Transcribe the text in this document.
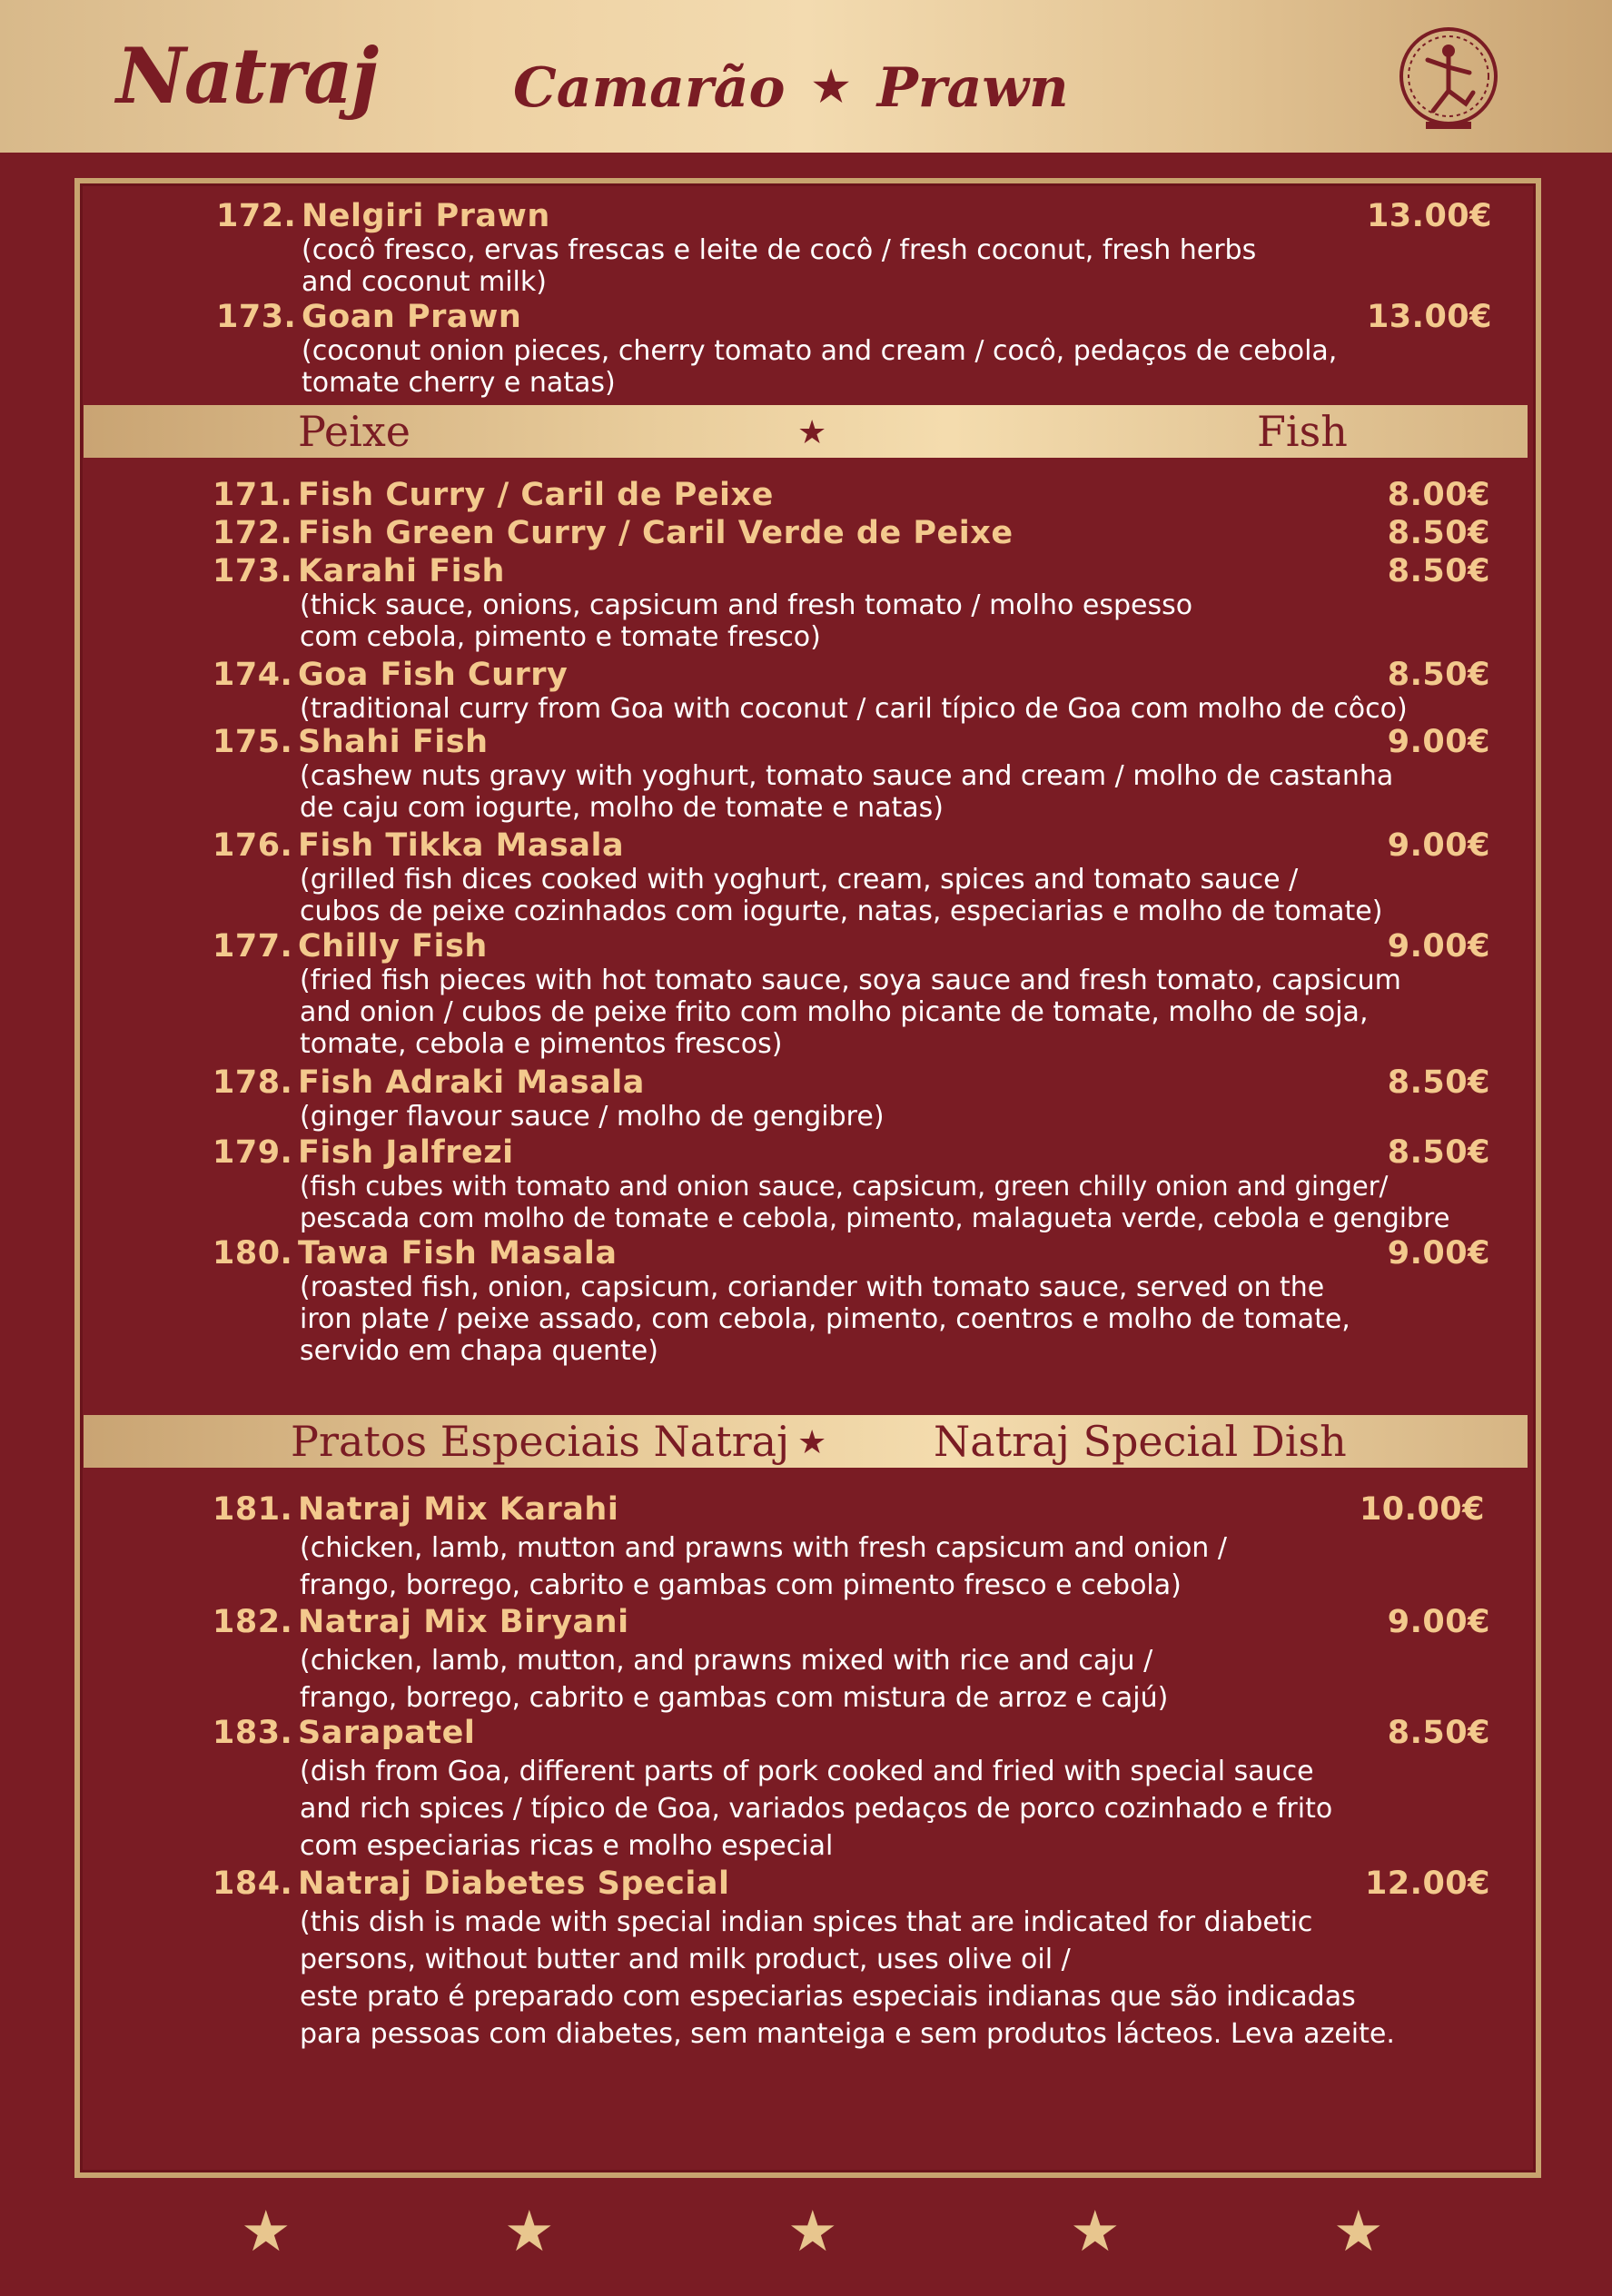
Natraj Camarão ★ Prawn
172. Nelgiri Prawn	13.00€
(cocô fresco, ervas frescas e leite de cocô / fresh coconut, fresh herbs
and coconut milk)
173. Goan Prawn	13.00€
(coconut onion pieces, cherry tomato and cream / cocô, pedaços de cebola,
tomate cherry e natas)
Peixe	★	Fish
171. Fish Curry / Caril de Peixe	8.00€
172. Fish Green Curry / Caril Verde de Peixe	8.50€
173. Karahi Fish	8.50€
(thick sauce, onions, capsicum and fresh tomato / molho espesso
com cebola, pimento e tomate fresco)
174. Goa Fish Curry	8.50€
(traditional curry from Goa with coconut / caril típico de Goa com molho de côco)
175. Shahi Fish	9.00€
(cashew nuts gravy with yoghurt, tomato sauce and cream / molho de castanha
de caju com iogurte, molho de tomate e natas)
176. Fish Tikka Masala	9.00€
(grilled fish dices cooked with yoghurt, cream, spices and tomato sauce /
cubos de peixe cozinhados com iogurte, natas, especiarias e molho de tomate)
177. Chilly Fish	9.00€
(fried fish pieces with hot tomato sauce, soya sauce and fresh tomato, capsicum
and onion / cubos de peixe frito com molho picante de tomate, molho de soja,
tomate, cebola e pimentos frescos)
178. Fish Adraki Masala	8.50€
(ginger flavour sauce / molho de gengibre)
179. Fish Jalfrezi	8.50€
(fish cubes with tomato and onion sauce, capsicum, green chilly onion and ginger/
pescada com molho de tomate e cebola, pimento, malagueta verde, cebola e gengibre
180. Tawa Fish Masala	9.00€
(roasted fish, onion, capsicum, coriander with tomato sauce, served on the
iron plate / peixe assado, com cebola, pimento, coentros e molho de tomate,
servido em chapa quente)
Pratos Especiais Natraj ★	Natraj Special Dish
181. Natraj Mix Karahi	10.00€
(chicken, lamb, mutton and prawns with fresh capsicum and onion /
frango, borrego, cabrito e gambas com pimento fresco e cebola)
182. Natraj Mix Biryani	9.00€
(chicken, lamb, mutton, and prawns mixed with rice and caju /
frango, borrego, cabrito e gambas com mistura de arroz e cajú)
183. Sarapatel	8.50€
(dish from Goa, different parts of pork cooked and fried with special sauce
and rich spices / típico de Goa, variados pedaços de porco cozinhado e frito
com especiarias ricas e molho especial
184. Natraj Diabetes Special	12.00€
(this dish is made with special indian spices that are indicated for diabetic
persons, without butter and milk product, uses olive oil /
este prato é preparado com especiarias especiais indianas que são indicadas
para pessoas com diabetes, sem manteiga e sem produtos lácteos. Leva azeite.
★	★	★	★	★
